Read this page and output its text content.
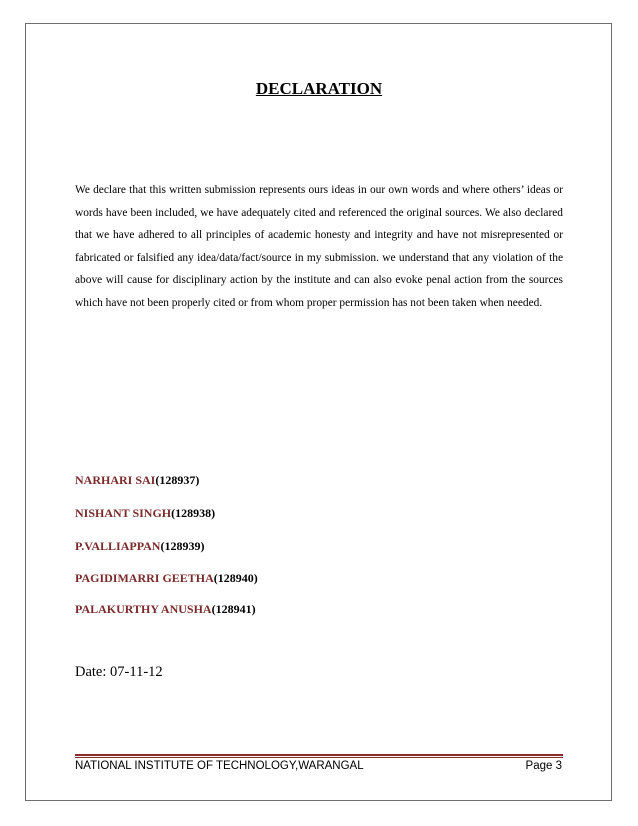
DECLARATION
We declare that this written submission represents ours ideas in our own words and where others’ ideas or words have been included, we have adequately cited and referenced the original sources. We also declared that we have adhered to all principles of academic honesty and integrity and have not misrepresented or fabricated or falsified any idea/data/fact/source in my submission. we understand that any violation of the above will cause for disciplinary action by the institute and can also evoke penal action from the sources which have not been properly cited or from whom proper permission has not been taken when needed.
NARHARI SAI(128937)
NISHANT SINGH(128938)
P.VALLIAPPAN(128939)
PAGIDIMARRI GEETHA(128940)
PALAKURTHY ANUSHA(128941)
Date: 07-11-12
NATIONAL INSTITUTE OF TECHNOLOGY,WARANGAL	Page 3
